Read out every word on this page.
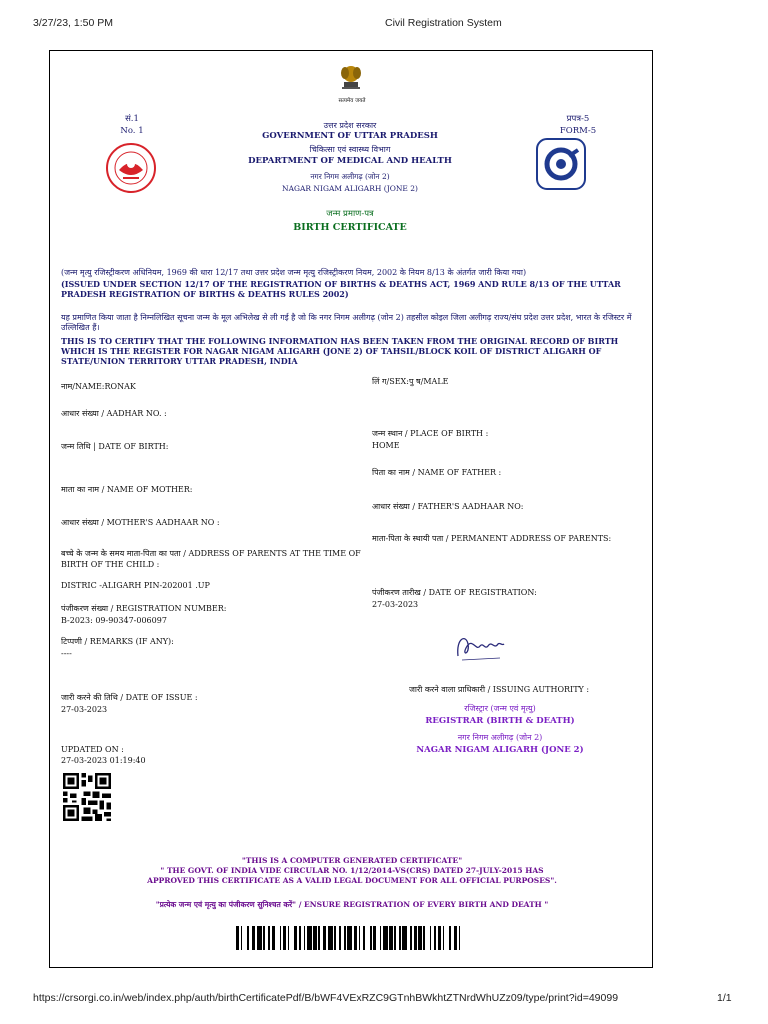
3/27/23, 1:50 PM	Civil Registration System
सत्यमेव जयते
सं.1
No. 1
प्रपत्र-5
FORM-5
उत्तर प्रदेश सरकार
GOVERNMENT OF UTTAR PRADESH
चिकित्सा एवं स्वास्थ्य विभाग
DEPARTMENT OF MEDICAL AND HEALTH
नगर निगम अलीगढ़ (जोन 2)
NAGAR NIGAM ALIGARH (JONE 2)
जन्म प्रमाण-पत्र
BIRTH CERTIFICATE
(जन्म मृत्यु रजिस्ट्रीकरण अधिनियम, 1969 की धारा 12/17 तथा उत्तर प्रदेश जन्म मृत्यु रजिस्ट्रीकरण नियम, 2002 के नियम 8/13 के अंतर्गत जारी किया गया)
(ISSUED UNDER SECTION 12/17 OF THE REGISTRATION OF BIRTHS & DEATHS ACT, 1969 AND RULE 8/13 OF THE UTTAR PRADESH REGISTRATION OF BIRTHS & DEATHS RULES 2002)
यह प्रमाणित किया जाता है निम्नलिखित सूचना जन्म के मूल अभिलेख से ली गई है जो कि नगर निगम अलीगढ़ (जोन 2) तहसील कोइल जिला अलीगढ़ राज्य/संघ प्रदेश उत्तर प्रदेश, भारत के रजिस्टर में उल्लिखित हैं।
THIS IS TO CERTIFY THAT THE FOLLOWING INFORMATION HAS BEEN TAKEN FROM THE ORIGINAL RECORD OF BIRTH WHICH IS THE REGISTER FOR NAGAR NIGAM ALIGARH (JONE 2) OF TAHSIL/BLOCK KOIL OF DISTRICT ALIGARH OF STATE/UNION TERRITORY UTTAR PRADESH, INDIA
नाम/NAME:RONAK
आधार संख्या / AADHAR NO. :
जन्म तिथि | DATE OF BIRTH:
माता का नाम / NAME OF MOTHER:
आधार संख्या / MOTHER'S AADHAAR NO :
बच्चे के जन्म के समय माता-पिता का पता / ADDRESS OF PARENTS AT THE TIME OF BIRTH OF THE CHILD :
DISTRIC -ALIGARH PIN-202001 .UP
पंजीकरण संख्या / REGISTRATION NUMBER:
B-2023: 09-90347-006097
टिप्पणी / REMARKS (IF ANY):
----
जारी करने की तिथि / DATE OF ISSUE :
27-03-2023
UPDATED ON :
27-03-2023 01:19:40
लिं ग/SEX:पु ष/MALE
जन्म स्थान / PLACE OF BIRTH :
HOME
पिता का नाम / NAME OF FATHER :
आधार संख्या / FATHER'S AADHAAR NO:
माता-पिता के स्थायी पता / PERMANENT ADDRESS OF PARENTS:
पंजीकरण तारीख / DATE OF REGISTRATION:
27-03-2023
जारी करने वाला प्राधिकारी / ISSUING AUTHORITY :
रजिस्ट्रार (जन्म एवं मृत्यु)
REGISTRAR (BIRTH & DEATH)
नगर निगम अलीगढ़ (जोन 2)
NAGAR NIGAM ALIGARH (JONE 2)
"THIS IS A COMPUTER GENERATED CERTIFICATE"
" THE GOVT. OF INDIA VIDE CIRCULAR NO. 1/12/2014-VS(CRS) DATED 27-JULY-2015 HAS
APPROVED THIS CERTIFICATE AS A VALID LEGAL DOCUMENT FOR ALL OFFICIAL PURPOSES".
"प्रत्येक जन्म एवं मृत्यु का पंजीकरण सुनिश्चत करें" / ENSURE REGISTRATION OF EVERY BIRTH AND DEATH "
https://crsorgi.co.in/web/index.php/auth/birthCertificatePdf/B/bWF4VExRZC9GTnhBWkhtZTNrdWhUZz09/type/print?id=49099	1/1
